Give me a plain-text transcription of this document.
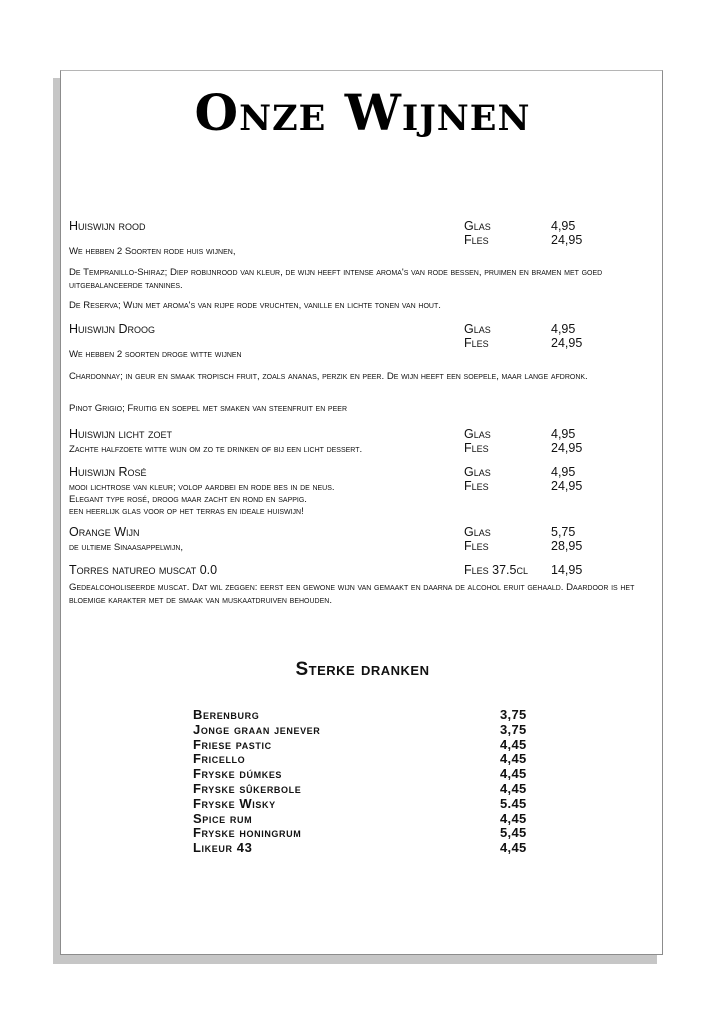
Onze Wijnen
Huiswijn rood	Glas	4,95
Fles	24,95
We hebben 2 Soorten rode huis wijnen,
De Tempranillo-Shiraz; Diep robijnrood van kleur, de wijn heeft intense aroma's van rode bessen, pruimen en bramen met goed uitgebalanceerde tannines.
De Reserva; Wijn met aroma's van rijpe rode vruchten, vanille en lichte tonen van hout.
Huiswijn Droog	Glas	4,95
Fles	24,95
We hebben 2 soorten droge witte wijnen
Chardonnay; in geur en smaak tropisch fruit, zoals ananas, perzik en peer. De wijn heeft een soepele, maar lange afdronk.
Pinot Grigio; Fruitig en soepel met smaken van steenfruit en peer
Huiswijn licht zoet	Glas	4,95
Zachte halfzoete witte wijn om zo te drinken of bij een licht dessert.	Fles	24,95
Huiswijn Rosé	Glas	4,95
mooi lichtrose van kleur; volop aardbei en rode bes in de neus.	Fles	24,95
Elegant type rosé, droog maar zacht en rond en sappig.
een heerlijk glas voor op het terras en ideale huiswijn!
Orange Wijn	Glas	5,75
de ultieme Sinaasappelwijn,	Fles	28,95
Torres natureo muscat 0.0	Fles 37.5cl 14,95
Gedealcoholiseerde muscat. Dat wil zeggen: eerst een gewone wijn van gemaakt en daarna de alcohol eruit gehaald. Daardoor is het bloemige karakter met de smaak van muskaatdruiven behouden.
Sterke dranken
Berenburg	3,75
Jonge graan jenever	3,75
Friese pastic	4,45
Fricello	4,45
Fryske dúmkes	4,45
Fryske sûkerbole	4,45
Fryske Wisky	5.45
Spice rum	4,45
Fryske honingrum	5,45
Likeur 43	4,45
